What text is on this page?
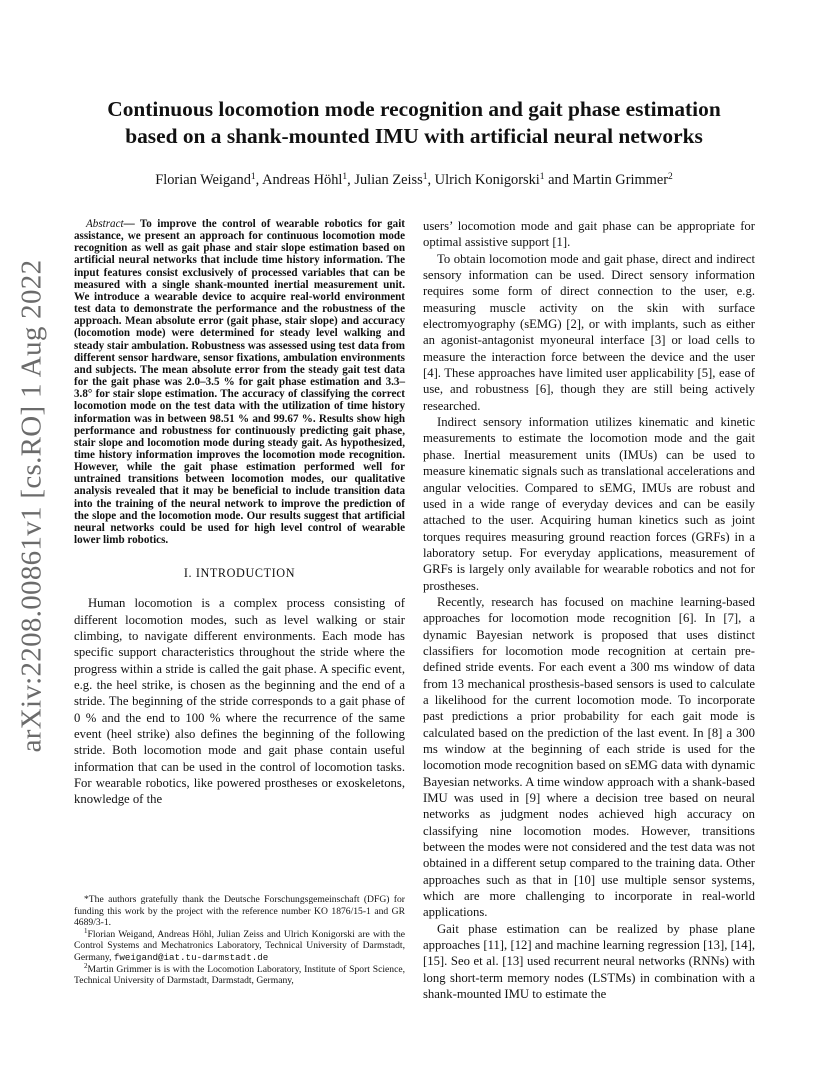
arXiv:2208.00861v1 [cs.RO] 1 Aug 2022
Continuous locomotion mode recognition and gait phase estimation
based on a shank-mounted IMU with artificial neural networks

Florian Weigand$^1$, Andreas Höhl$^1$, Julian Zeiss$^1$, Ulrich Konigorski$^1$ and Martin Grimmer$^2$

Abstract— To improve the control of wearable robotics for gait assistance, we present an approach for continuous locomotion mode recognition as well as gait phase and stair slope estimation based on artificial neural networks that include time history information. The input features consist exclusively of processed variables that can be measured with a single shank-mounted inertial measurement unit. We introduce a wearable device to acquire real-world environment test data to demonstrate the performance and the robustness of the approach. Mean absolute error (gait phase, stair slope) and accuracy (locomotion mode) were determined for steady level walking and steady stair ambulation. Robustness was assessed using test data from different sensor hardware, sensor fixations, ambulation environments and subjects. The mean absolute error from the steady gait test data for the gait phase was 2.0–3.5 % for gait phase estimation and 3.3–3.8° for stair slope estimation. The accuracy of classifying the correct locomotion mode on the test data with the utilization of time history information was in between 98.51 % and 99.67 %. Results show high performance and robustness for continuously predicting gait phase, stair slope and locomotion mode during steady gait. As hypothesized, time history information improves the locomotion mode recognition. However, while the gait phase estimation performed well for untrained transitions between locomotion modes, our qualitative analysis revealed that it may be beneficial to include transition data into the training of the neural network to improve the prediction of the slope and the locomotion mode. Our results suggest that artificial neural networks could be used for high level control of wearable lower limb robotics.

I. INTRODUCTION

Human locomotion is a complex process consisting of different locomotion modes, such as level walking or stair climbing, to navigate different environments. Each mode has specific support characteristics throughout the stride where the progress within a stride is called the gait phase. A specific event, e.g. the heel strike, is chosen as the beginning and the end of a stride. The beginning of the stride corresponds to a gait phase of 0 % and the end to 100 % where the recurrence of the same event (heel strike) also defines the beginning of the following stride. Both locomotion mode and gait phase contain useful information that can be used in the control of locomotion tasks. For wearable robotics, like powered prostheses or exoskeletons, knowledge of the

users’ locomotion mode and gait phase can be appropriate for optimal assistive support [1].

To obtain locomotion mode and gait phase, direct and indirect sensory information can be used. Direct sensory information requires some form of direct connection to the user, e.g. measuring muscle activity on the skin with surface electromyography (sEMG) [2], or with implants, such as either an agonist-antagonist myoneural interface [3] or load cells to measure the interaction force between the device and the user [4]. These approaches have limited user applicability [5], ease of use, and robustness [6], though they are still being actively researched.

Indirect sensory information utilizes kinematic and kinetic measurements to estimate the locomotion mode and the gait phase. Inertial measurement units (IMUs) can be used to measure kinematic signals such as translational accelerations and angular velocities. Compared to sEMG, IMUs are robust and used in a wide range of everyday devices and can be easily attached to the user. Acquiring human kinetics such as joint torques requires measuring ground reaction forces (GRFs) in a laboratory setup. For everyday applications, measurement of GRFs is largely only available for wearable robotics and not for prostheses.

Recently, research has focused on machine learning-based approaches for locomotion mode recognition [6]. In [7], a dynamic Bayesian network is proposed that uses distinct classifiers for locomotion mode recognition at certain pre-defined stride events. For each event a 300 ms window of data from 13 mechanical prosthesis-based sensors is used to calculate a likelihood for the current locomotion mode. To incorporate past predictions a prior probability for each gait mode is calculated based on the prediction of the last event. In [8] a 300 ms window at the beginning of each stride is used for the locomotion mode recognition based on sEMG data with dynamic Bayesian networks. A time window approach with a shank-based IMU was used in [9] where a decision tree based on neural networks as judgment nodes achieved high accuracy on classifying nine locomotion modes. However, transitions between the modes were not considered and the test data was not obtained in a different setup compared to the training data. Other approaches such as that in [10] use multiple sensor systems, which are more challenging to incorporate in real-world applications.

Gait phase estimation can be realized by phase plane approaches [11], [12] and machine learning regression [13], [14], [15]. Seo et al. [13] used recurrent neural networks (RNNs) with long short-term memory nodes (LSTMs) in combination with a shank-mounted IMU to estimate the

*The authors gratefully thank the Deutsche Forschungsgemeinschaft (DFG) for funding this work by the project with the reference number KO 1876/15-1 and GR 4689/3-1.

$^1$Florian Weigand, Andreas Höhl, Julian Zeiss and Ulrich Konigorski are with the Control Systems and Mechatronics Laboratory, Technical University of Darmstadt, Germany, fweigand@iat.tu-darmstadt.de

$^2$Martin Grimmer is is with the Locomotion Laboratory, Institute of Sport Science, Technical University of Darmstadt, Darmstadt, Germany,
